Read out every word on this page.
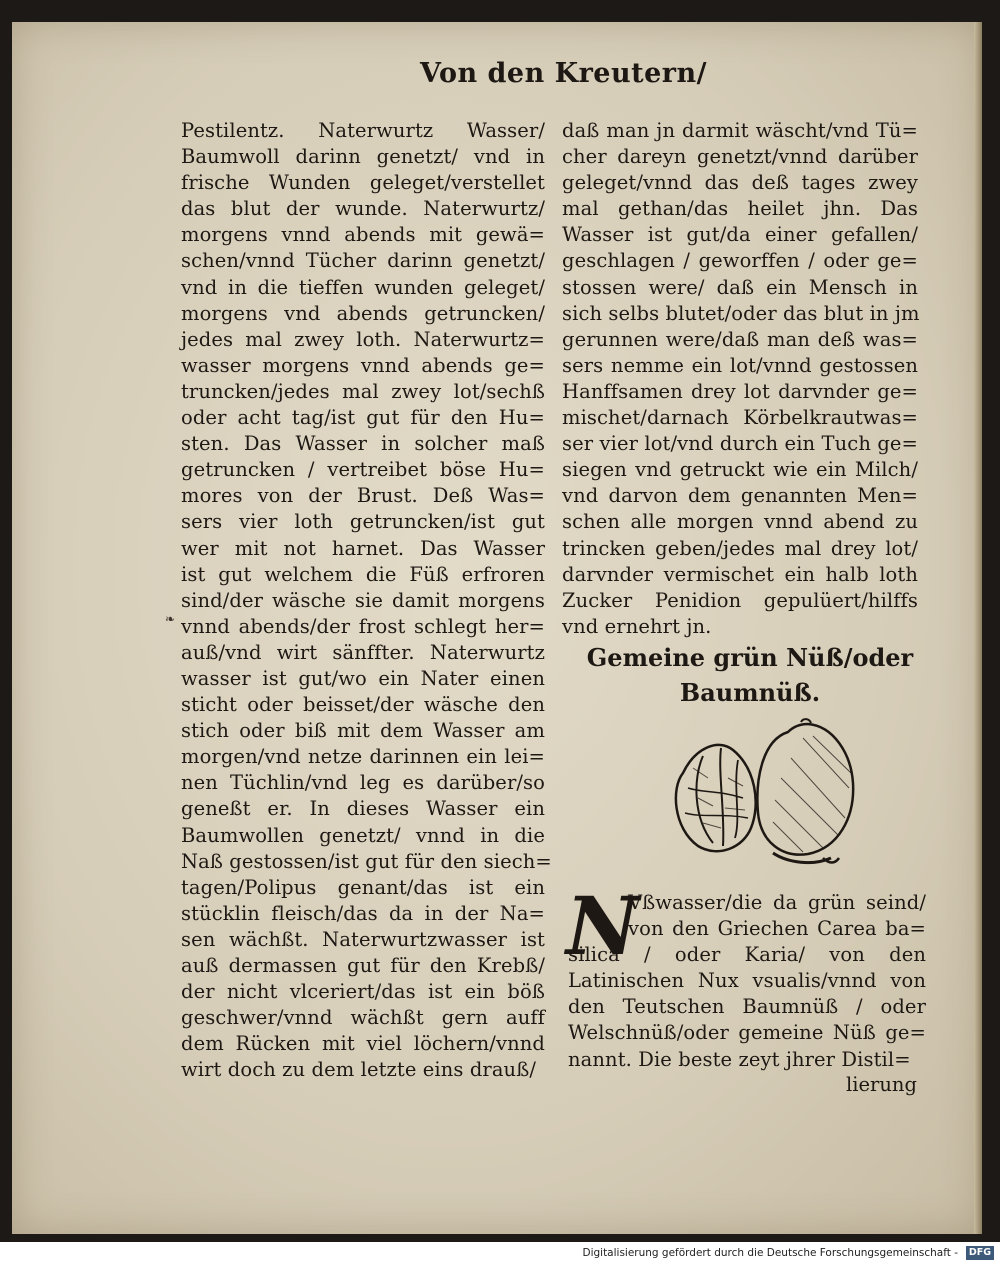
Von den Kreutern/
Pestilentz. Naterwurtz Wasser/
Baumwoll darinn genetzt/ vnd in
frische Wunden geleget/verstellet
das blut der wunde. Naterwurtz/
morgens vnnd abends mit gewä=
schen/vnnd Tücher darinn genetzt/
vnd in die tieffen wunden geleget/
morgens vnd abends getruncken/
jedes mal zwey loth. Naterwurtz=
wasser morgens vnnd abends ge=
truncken/jedes mal zwey lot/sechß
oder acht tag/ist gut für den Hu=
sten. Das Wasser in solcher maß
getruncken / vertreibet böse Hu=
mores von der Brust. Deß Was=
sers vier loth getruncken/ist gut
wer mit not harnet. Das Wasser
ist gut welchem die Füß erfroren
sind/der wäsche sie damit morgens
vnnd abends/der frost schlegt her=
auß/vnd wirt sänffter. Naterwurtz
wasser ist gut/wo ein Nater einen
sticht oder beisset/der wäsche den
stich oder biß mit dem Wasser am
morgen/vnd netze darinnen ein lei=
nen Tüchlin/vnd leg es darüber/so
geneßt er. In dieses Wasser ein
Baumwollen genetzt/ vnnd in die
Naß gestossen/ist gut für den siech=
tagen/Polipus genant/das ist ein
stücklin fleisch/das da in der Na=
sen wächßt. Naterwurtzwasser ist
auß dermassen gut für den Krebß/
der nicht vlceriert/das ist ein böß
geschwer/vnnd wächßt gern auff
dem Rücken mit viel löchern/vnnd
wirt doch zu dem letzte eins drauß/
daß man jn darmit wäscht/vnd Tü=
cher dareyn genetzt/vnnd darüber
geleget/vnnd das deß tages zwey
mal gethan/das heilet jhn. Das
Wasser ist gut/da einer gefallen/
geschlagen / geworffen / oder ge=
stossen were/ daß ein Mensch in
sich selbs blutet/oder das blut in jm
gerunnen were/daß man deß was=
sers nemme ein lot/vnnd gestossen
Hanffsamen drey lot darvnder ge=
mischet/darnach Körbelkrautwas=
ser vier lot/vnd durch ein Tuch ge=
siegen vnd getruckt wie ein Milch/
vnd darvon dem genannten Men=
schen alle morgen vnnd abend zu
trincken geben/jedes mal drey lot/
darvnder vermischet ein halb loth
Zucker Penidion gepulüert/hilffs
vnd ernehrt jn.
Gemeine grün Nüß/oder
Baumnüß.
N
Vßwasser/die da grün seind/
von den Griechen Carea ba=
silica / oder Karia/ von den
Latinischen Nux vsualis/vnnd von
den Teutschen Baumnüß / oder
Welschnüß/oder gemeine Nüß ge=
nannt. Die beste zeyt jhrer Distil=
lierung
❧
Digitalisierung gefördert durch die Deutsche Forschungsgemeinschaft -	DFG
